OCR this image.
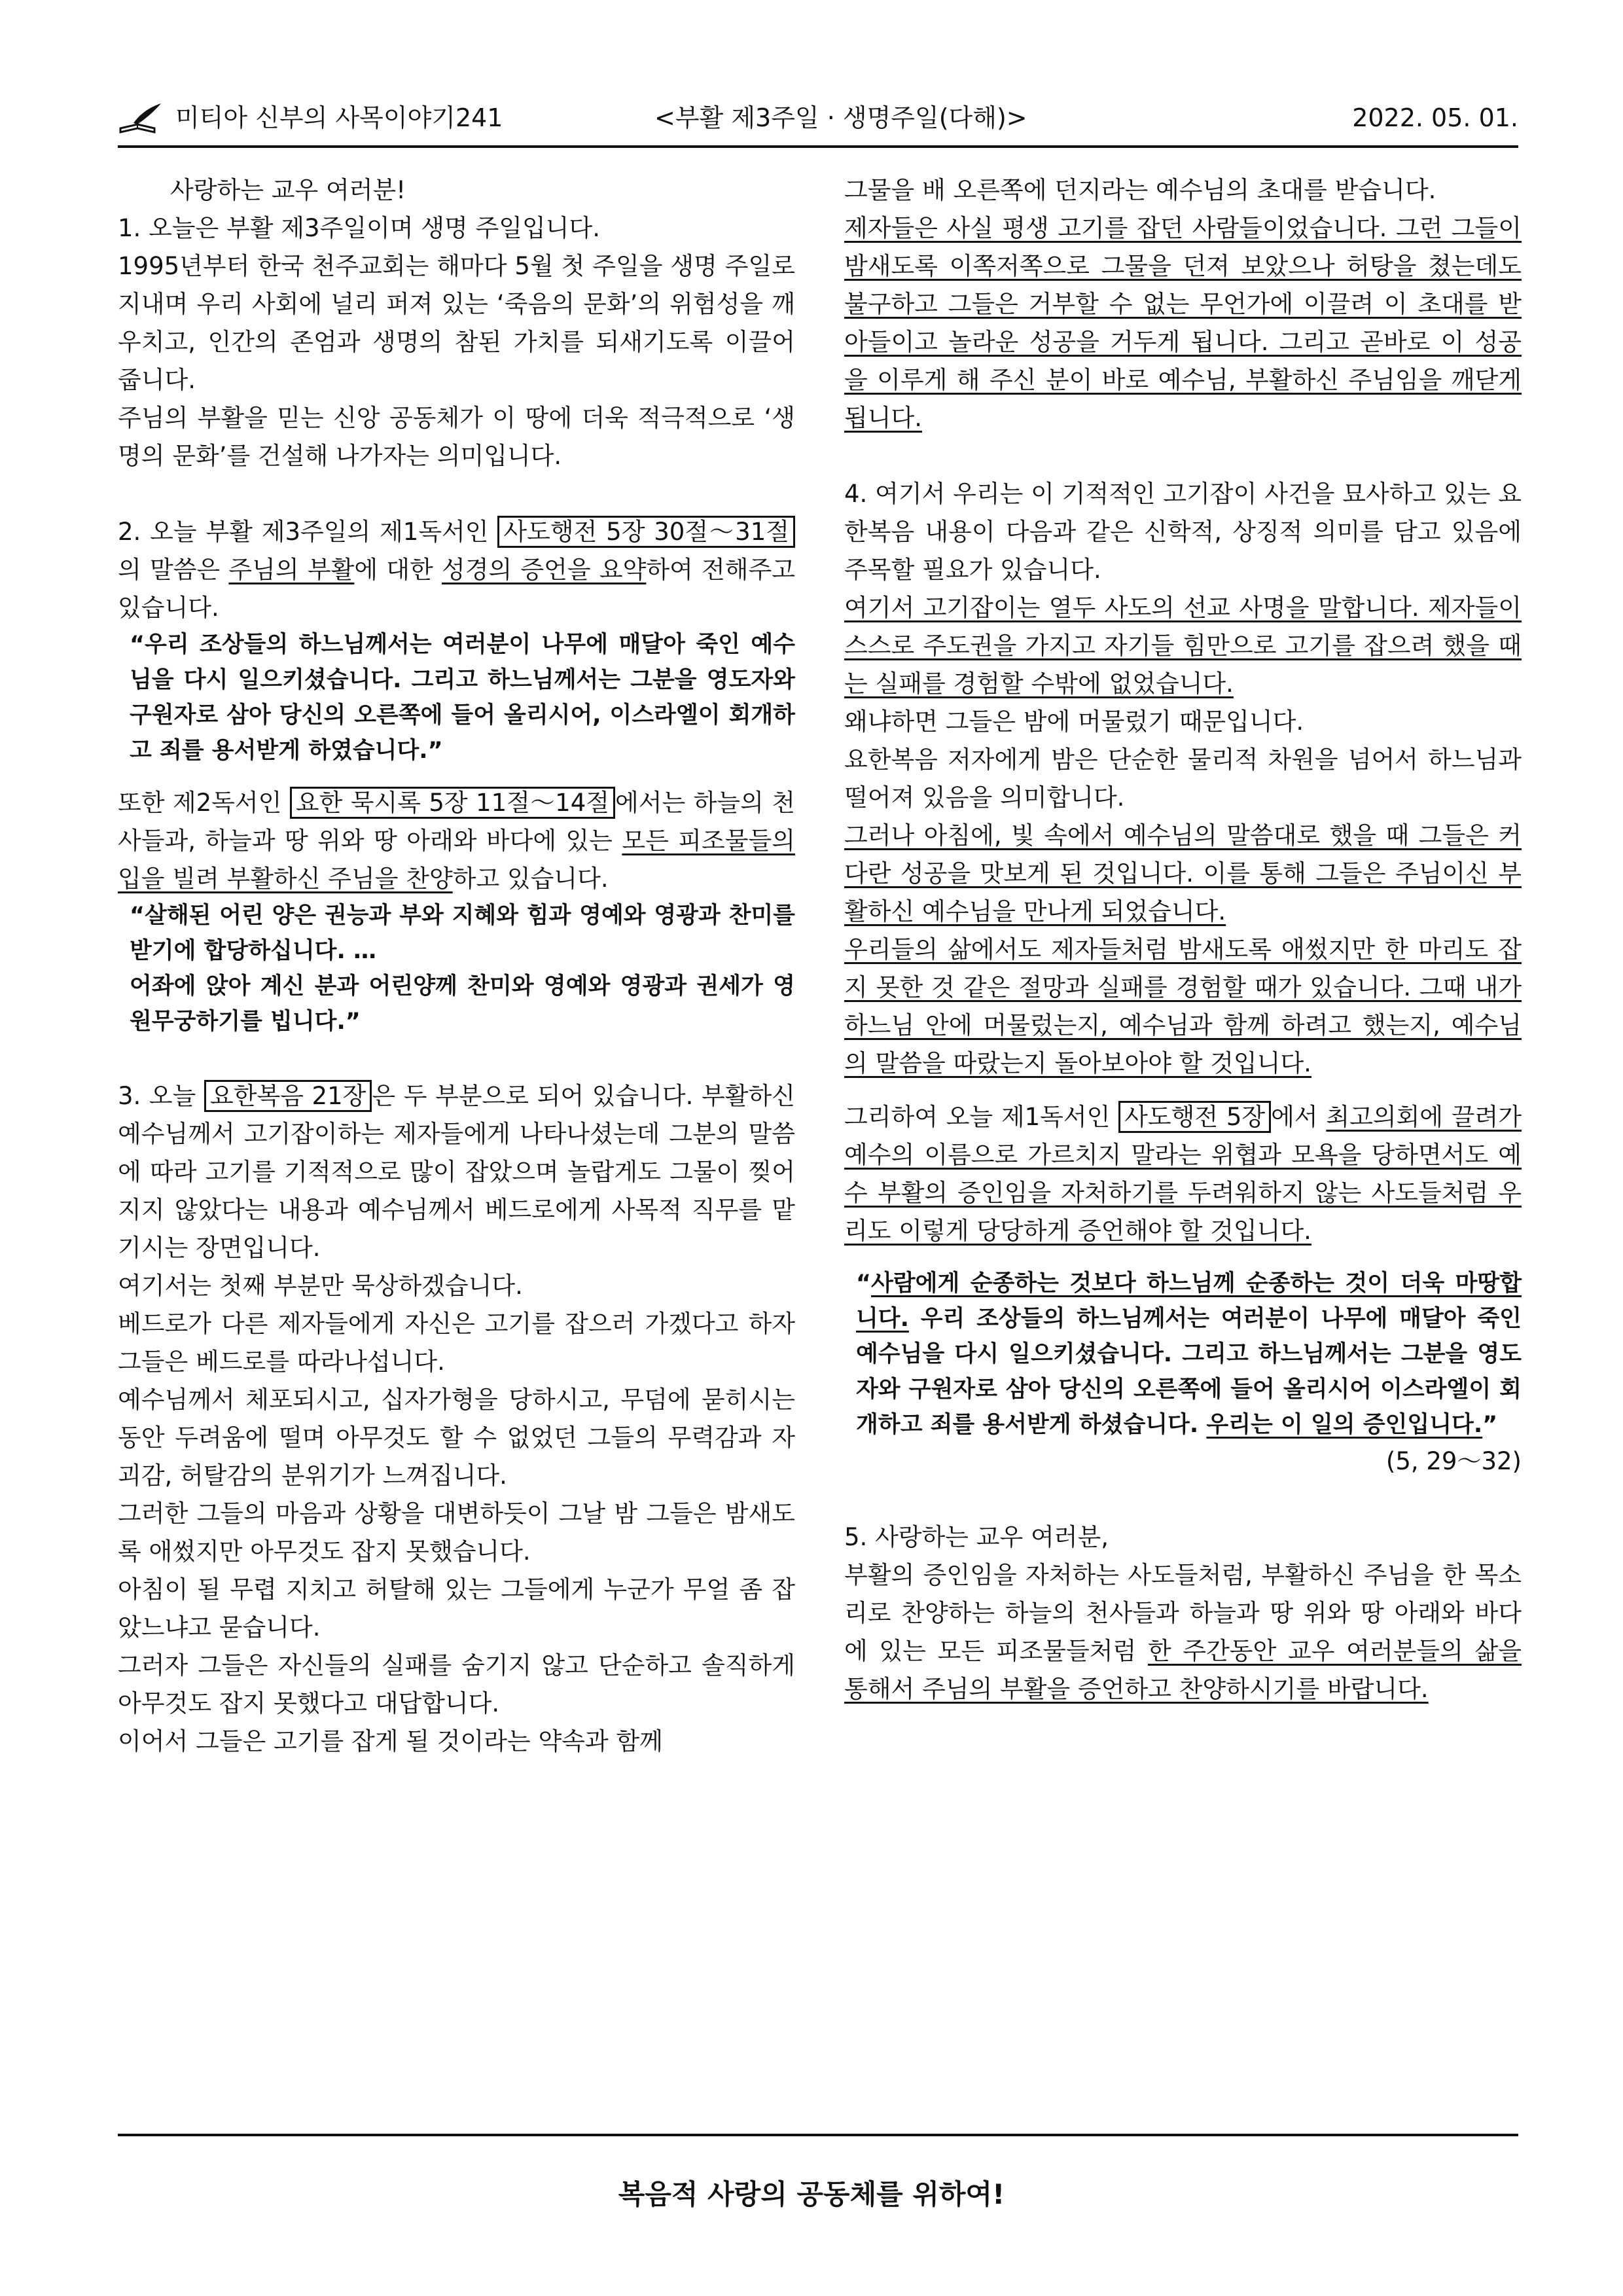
미티아 신부의 사목이야기241	<부활 제3주일 · 생명주일(다해)>	2022. 05. 01.

사랑하는 교우 여러분!

1. 오늘은 부활 제3주일이며 생명 주일입니다.

1995년부터 한국 천주교회는 해마다 5월 첫 주일을 생명 주일로 지내며 우리 사회에 널리 퍼져 있는 ‘죽음의 문화’의 위험성을 깨우치고, 인간의 존엄과 생명의 참된 가치를 되새기도록 이끌어 줍니다.

주님의 부활을 믿는 신앙 공동체가 이 땅에 더욱 적극적으로 ‘생명의 문화’를 건설해 나가자는 의미입니다.

2. 오늘 부활 제3주일의 제1독서인 사도행전 5장 30절～31절의 말씀은 주님의 부활에 대한 성경의 증언을 요약하여 전해주고 있습니다.

“우리 조상들의 하느님께서는 여러분이 나무에 매달아 죽인 예수님을 다시 일으키셨습니다. 그리고 하느님께서는 그분을 영도자와 구원자로 삼아 당신의 오른쪽에 들어 올리시어, 이스라엘이 회개하고 죄를 용서받게 하였습니다.”

또한 제2독서인 요한 묵시록 5장 11절～14절 에서는 하늘의 천사들과, 하늘과 땅 위와 땅 아래와 바다에 있는 모든 피조물들의 입을 빌려 부활하신 주님을 찬양하고 있습니다.

“살해된 어린 양은 권능과 부와 지혜와 힘과 영예와 영광과 찬미를 받기에 합당하십니다. …

어좌에 앉아 계신 분과 어린양께 찬미와 영예와 영광과 권세가 영원무궁하기를 빕니다.”

3. 오늘 요한복음 21장 은 두 부분으로 되어 있습니다. 부활하신 예수님께서 고기잡이하는 제자들에게 나타나셨는데 그분의 말씀에 따라 고기를 기적적으로 많이 잡았으며 놀랍게도 그물이 찢어지지 않았다는 내용과 예수님께서 베드로에게 사목적 직무를 맡기시는 장면입니다.

여기서는 첫째 부분만 묵상하겠습니다.

베드로가 다른 제자들에게 자신은 고기를 잡으러 가겠다고 하자 그들은 베드로를 따라나섭니다.

예수님께서 체포되시고, 십자가형을 당하시고, 무덤에 묻히시는 동안 두려움에 떨며 아무것도 할 수 없었던 그들의 무력감과 자괴감, 허탈감의 분위기가 느껴집니다.

그러한 그들의 마음과 상황을 대변하듯이 그날 밤 그들은 밤새도록 애썼지만 아무것도 잡지 못했습니다.

아침이 될 무렵 지치고 허탈해 있는 그들에게 누군가 무얼 좀 잡았느냐고 묻습니다.

그러자 그들은 자신들의 실패를 숨기지 않고 단순하고 솔직하게 아무것도 잡지 못했다고 대답합니다.

이어서 그들은 고기를 잡게 될 것이라는 약속과 함께

그물을 배 오른쪽에 던지라는 예수님의 초대를 받습니다.

제자들은 사실 평생 고기를 잡던 사람들이었습니다. 그런 그들이 밤새도록 이쪽저쪽으로 그물을 던져 보았으나 허탕을 쳤는데도 불구하고 그들은 거부할 수 없는 무언가에 이끌려 이 초대를 받아들이고 놀라운 성공을 거두게 됩니다. 그리고 곧바로 이 성공을 이루게 해 주신 분이 바로 예수님, 부활하신 주님임을 깨닫게 됩니다.

4. 여기서 우리는 이 기적적인 고기잡이 사건을 묘사하고 있는 요한복음 내용이 다음과 같은 신학적, 상징적 의미를 담고 있음에 주목할 필요가 있습니다.

여기서 고기잡이는 열두 사도의 선교 사명을 말합니다. 제자들이 스스로 주도권을 가지고 자기들 힘만으로 고기를 잡으려 했을 때는 실패를 경험할 수밖에 없었습니다.

왜냐하면 그들은 밤에 머물렀기 때문입니다.

요한복음 저자에게 밤은 단순한 물리적 차원을 넘어서 하느님과 떨어져 있음을 의미합니다.

그러나 아침에, 빛 속에서 예수님의 말씀대로 했을 때 그들은 커다란 성공을 맛보게 된 것입니다. 이를 통해 그들은 주님이신 부활하신 예수님을 만나게 되었습니다.

우리들의 삶에서도 제자들처럼 밤새도록 애썼지만 한 마리도 잡지 못한 것 같은 절망과 실패를 경험할 때가 있습니다. 그때 내가 하느님 안에 머물렀는지, 예수님과 함께 하려고 했는지, 예수님의 말씀을 따랐는지 돌아보아야 할 것입니다.

그리하여 오늘 제1독서인 사도행전 5장 에서 최고의회에 끌려가 예수의 이름으로 가르치지 말라는 위협과 모욕을 당하면서도 예수 부활의 증인임을 자처하기를 두려워하지 않는 사도들처럼 우리도 이렇게 당당하게 증언해야 할 것입니다.

“사람에게 순종하는 것보다 하느님께 순종하는 것이 더욱 마땅합니다. 우리 조상들의 하느님께서는 여러분이 나무에 매달아 죽인 예수님을 다시 일으키셨습니다. 그리고 하느님께서는 그분을 영도자와 구원자로 삼아 당신의 오른쪽에 들어 올리시어 이스라엘이 회개하고 죄를 용서받게 하셨습니다. 우리는 이 일의 증인입니다.”

(5, 29～32)

5. 사랑하는 교우 여러분,

부활의 증인임을 자처하는 사도들처럼, 부활하신 주님을 한 목소리로 찬양하는 하늘의 천사들과 하늘과 땅 위와 땅 아래와 바다에 있는 모든 피조물들처럼 한 주간동안 교우 여러분들의 삶을 통해서 주님의 부활을 증언하고 찬양하시기를 바랍니다.

복음적 사랑의 공동체를 위하여!
